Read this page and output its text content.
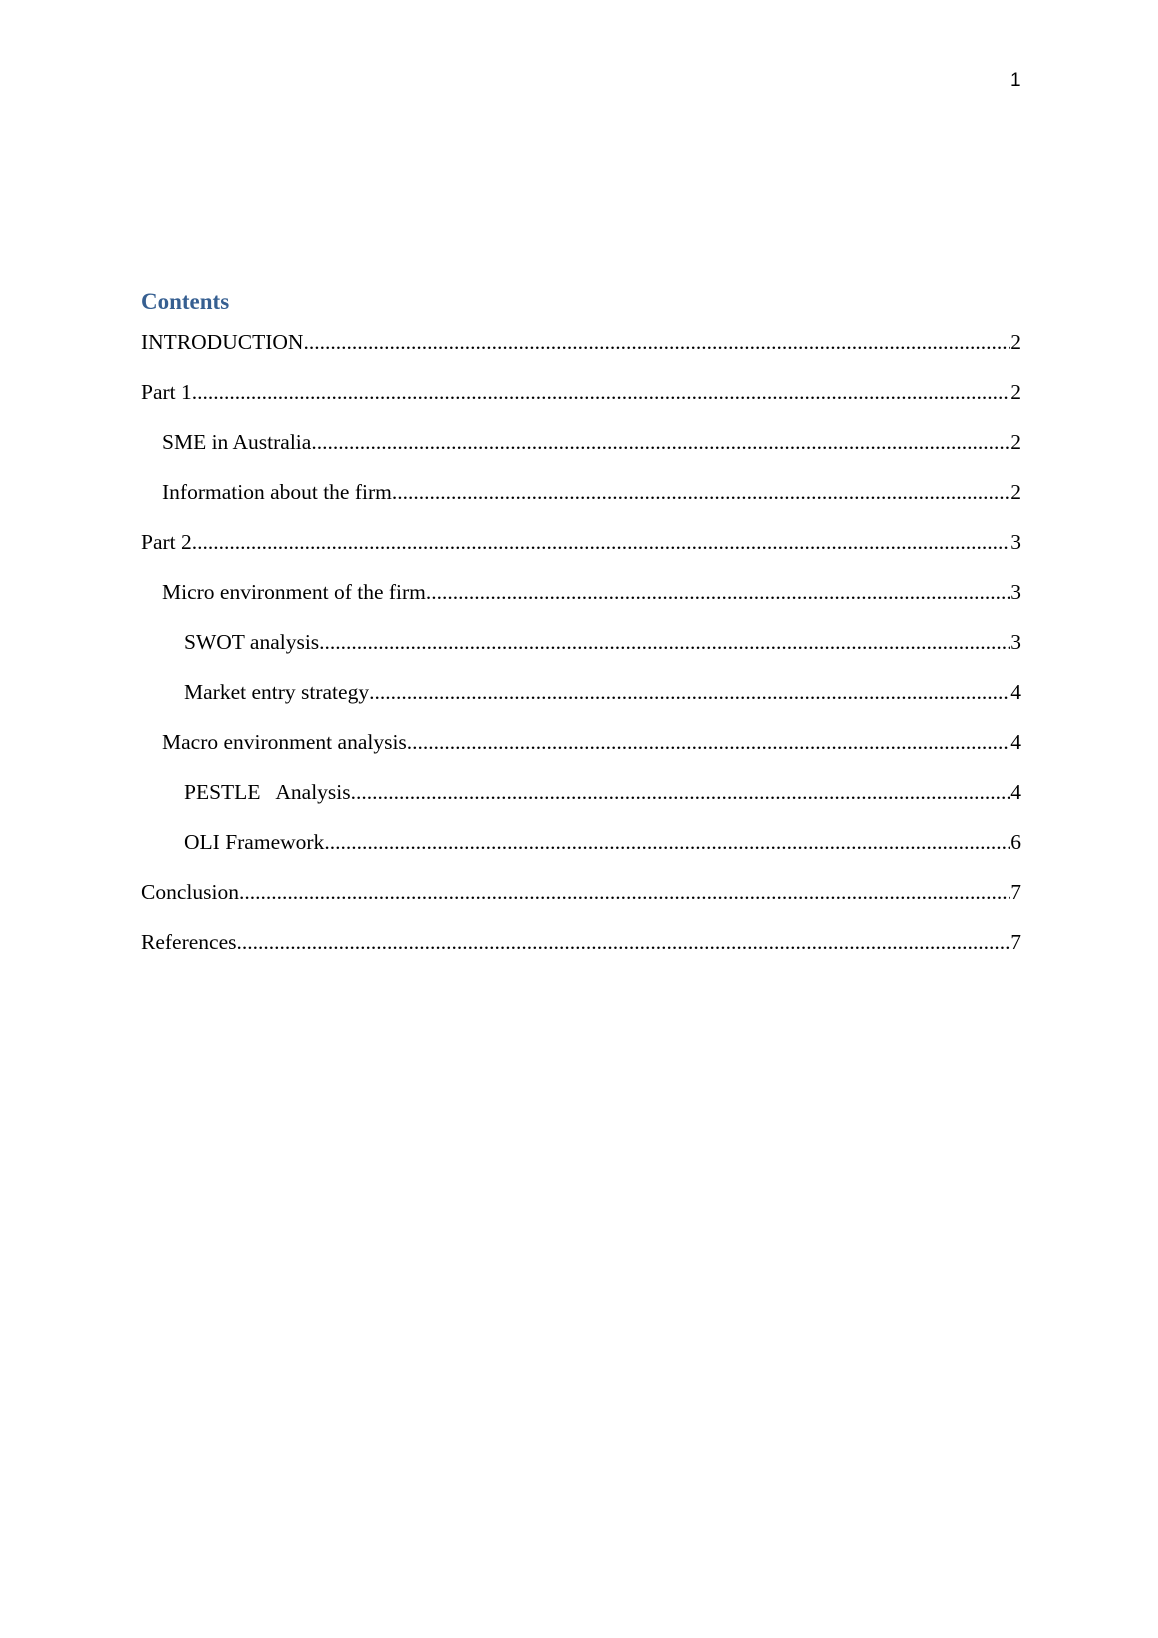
1
Contents
INTRODUCTION .....	2
Part 1 .....	2
SME in Australia .....	2
Information about the firm .....	2
Part 2 .....	3
Micro environment of the firm .....	3
SWOT analysis .....	3
Market entry strategy .....	4
Macro environment analysis .....	4
PESTLE   Analysis .....	4
OLI Framework .....	6
Conclusion .....	7
References .....	7
